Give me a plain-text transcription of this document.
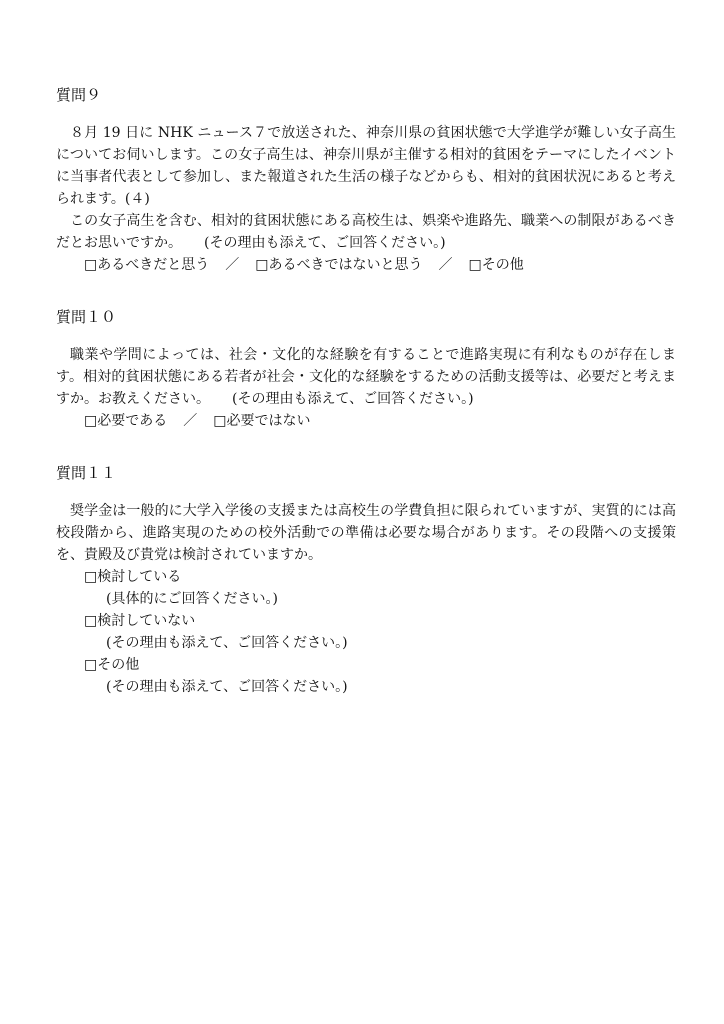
質問９

８月 19 日に NHK ニュース７で放送された、神奈川県の貧困状態で大学進学が難しい女子高生についてお伺いします。この女子高生は、神奈川県が主催する相対的貧困をテーマにしたイベントに当事者代表として参加し、また報道された生活の様子などからも、相対的貧困状況にあると考えられます。(４)

この女子高生を含む、相対的貧困状態にある高校生は、娯楽や進路先、職業への制限があるべきだとお思いですか。 (その理由も添えて、ご回答ください。)

□あるべきだと思う ／ □あるべきではないと思う ／ □その他
質問１０

職業や学問によっては、社会・文化的な経験を有することで進路実現に有利なものが存在します。相対的貧困状態にある若者が社会・文化的な経験をするための活動支援等は、必要だと考えますか。お教えください。 (その理由も添えて、ご回答ください。)

□必要である ／ □必要ではない
質問１１

奨学金は一般的に大学入学後の支援または高校生の学費負担に限られていますが、実質的には高校段階から、進路実現のための校外活動での準備は必要な場合があります。その段階への支援策を、貴殿及び貴党は検討されていますか。

□検討している
(具体的にご回答ください。)
□検討していない
(その理由も添えて、ご回答ください。)
□その他
(その理由も添えて、ご回答ください。)
